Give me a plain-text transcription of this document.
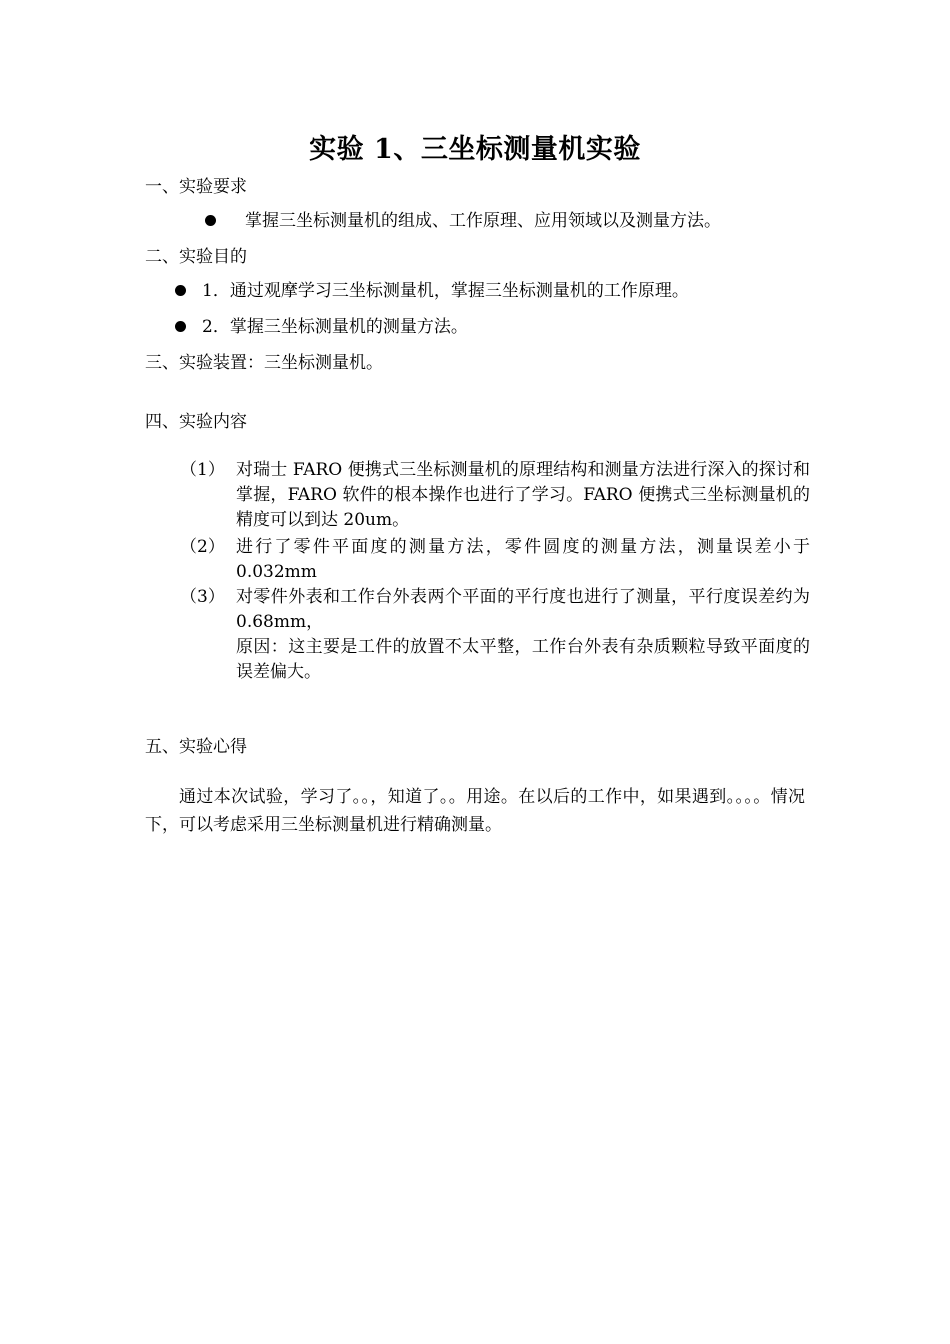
实验 1、三坐标测量机实验
一、实验要求
掌握三坐标测量机的组成、工作原理、应用领域以及测量方法。
二、实验目的
1．通过观摩学习三坐标测量机，掌握三坐标测量机的工作原理。
2．掌握三坐标测量机的测量方法。
三、实验装置：三坐标测量机。
四、实验内容
（1） 对瑞士 FARO 便携式三坐标测量机的原理结构和测量方法进行深入的探讨和掌握，FARO 软件的根本操作也进行了学习。FARO 便携式三坐标测量机的精度可以到达 20um。

（2） 进行了零件平面度的测量方法，零件圆度的测量方法，测量误差小于 0.032mm

（3） 对零件外表和工作台外表两个平面的平行度也进行了测量，平行度误差约为 0.68mm，

原因：这主要是工件的放置不太平整，工作台外表有杂质颗粒导致平面度的误差偏大。

五、实验心得
通过本次试验，学习了。。，知道了。。用途。在以后的工作中，如果遇到。。。。情况下，可以考虑采用三坐标测量机进行精确测量。
